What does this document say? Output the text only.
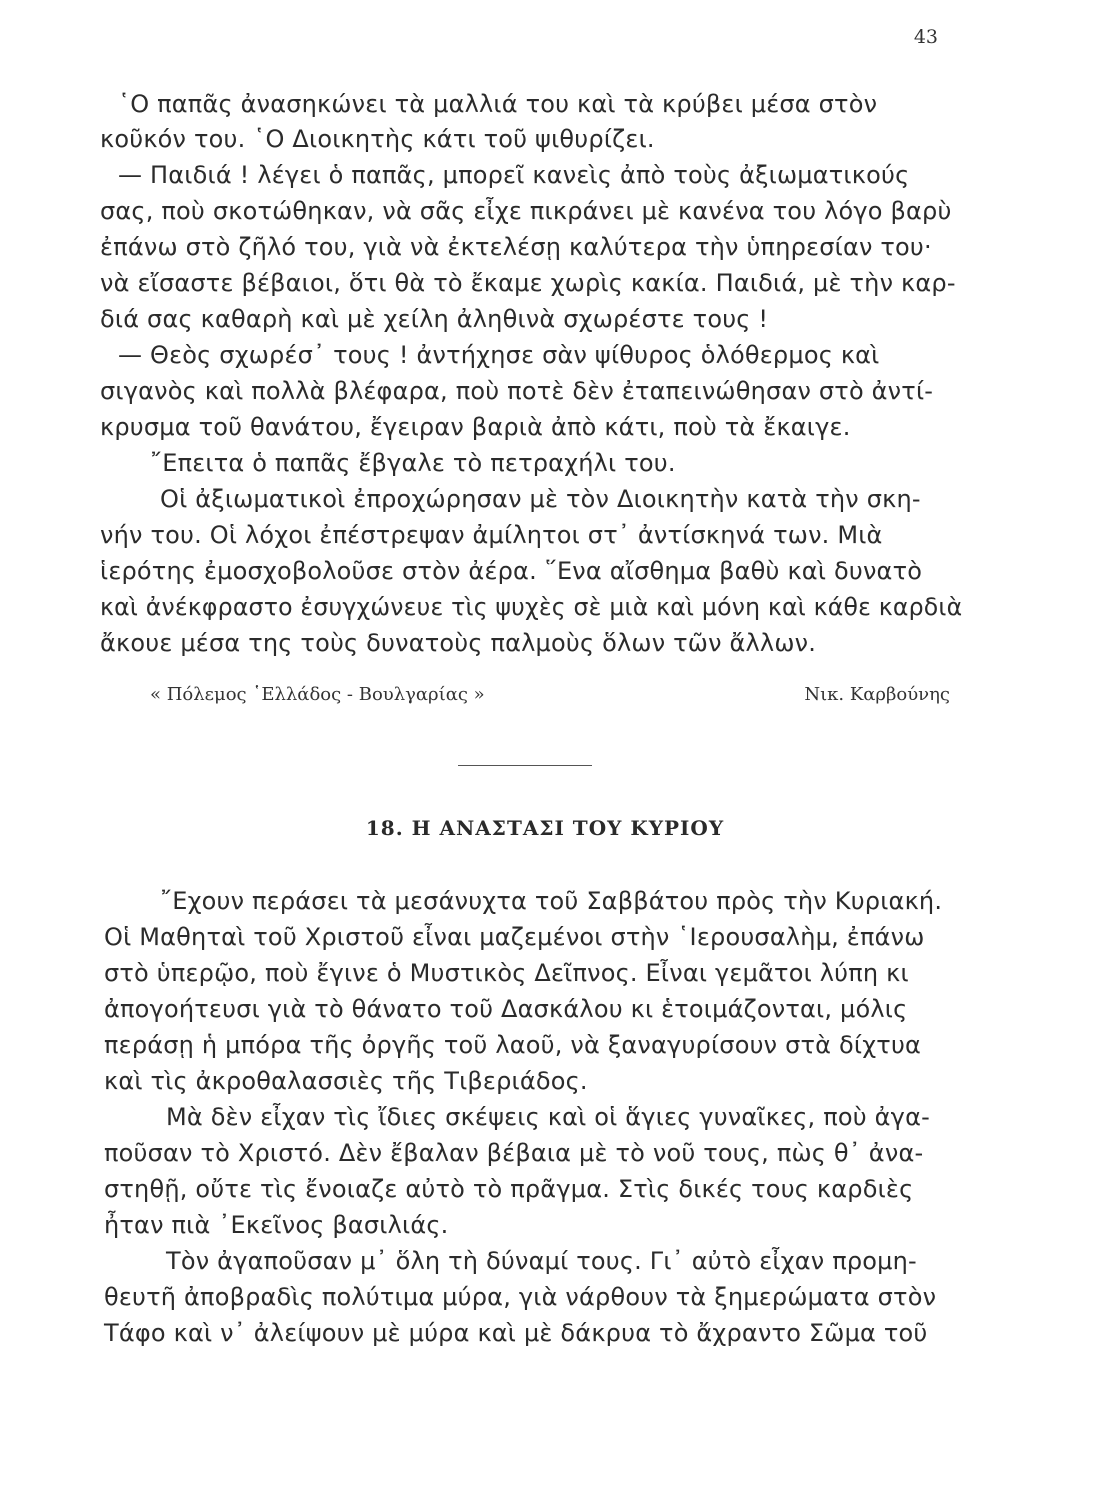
43
῾Ο παπᾶς ἀνασηκώνει τὰ μαλλιά του καὶ τὰ κρύβει μέσα στὸν
κοῦκόν του. ῾Ο Διοικητὴς κάτι τοῦ ψιθυρίζει.
— Παιδιά ! λέγει ὁ παπᾶς, μπορεῖ κανεὶς ἀπὸ τοὺς ἀξιωματικούς
σας, ποὺ σκοτώθηκαν, νὰ σᾶς εἶχε πικράνει μὲ κανένα του λόγο βαρὺ
ἐπάνω στὸ ζῆλό του, γιὰ νὰ ἐκτελέσῃ καλύτερα τὴν ὑπηρεσίαν του·
νὰ εἴσαστε βέβαιοι, ὅτι θὰ τὸ ἔκαμε χωρὶς κακία. Παιδιά, μὲ τὴν καρ-
διά σας καθαρὴ καὶ μὲ χείλη ἀληθινὰ σχωρέστε τους !
— Θεὸς σχωρέσ᾽ τους ! ἀντήχησε σὰν ψίθυρος ὁλόθερμος καὶ
σιγανὸς καὶ πολλὰ βλέφαρα, ποὺ ποτὲ δὲν ἐταπεινώθησαν στὸ ἀντί-
κρυσμα τοῦ θανάτου, ἔγειραν βαριὰ ἀπὸ κάτι, ποὺ τὰ ἔκαιγε.
῎Επειτα ὁ παπᾶς ἔβγαλε τὸ πετραχήλι του.
Οἱ ἀξιωματικοὶ ἐπροχώρησαν μὲ τὸν Διοικητὴν κατὰ τὴν σκη-
νήν του. Οἱ λόχοι ἐπέστρεψαν ἀμίλητοι στ᾽ ἀντίσκηνά των. Μιὰ
ἱερότης ἐμοσχοβολοῦσε στὸν ἀέρα. ῞Ενα αἴσθημα βαθὺ καὶ δυνατὸ
καὶ ἀνέκφραστο ἐσυγχώνευε τὶς ψυχὲς σὲ μιὰ καὶ μόνη καὶ κάθε καρδιὰ
ἄκουε μέσα της τοὺς δυνατοὺς παλμοὺς ὅλων τῶν ἄλλων.
« Πόλεμος ῾Ελλάδος - Βουλγαρίας »	Νικ. Καρβούνης
18. Η ΑΝΑΣΤΑΣΙ ΤΟΥ ΚΥΡΙΟΥ
῎Εχουν περάσει τὰ μεσάνυχτα τοῦ Σαββάτου πρὸς τὴν Κυριακή.
Οἱ Μαθηταὶ τοῦ Χριστοῦ εἶναι μαζεμένοι στὴν ῾Ιερουσαλὴμ, ἐπάνω
στὸ ὑπερῷο, ποὺ ἔγινε ὁ Μυστικὸς Δεῖπνος. Εἶναι γεμᾶτοι λύπη κι
ἀπογοήτευσι γιὰ τὸ θάνατο τοῦ Δασκάλου κι ἑτοιμάζονται, μόλις
περάσῃ ἡ μπόρα τῆς ὀργῆς τοῦ λαοῦ, νὰ ξαναγυρίσουν στὰ δίχτυα
καὶ τὶς ἀκροθαλασσιὲς τῆς Τιβεριάδος.
Μὰ δὲν εἶχαν τὶς ἴδιες σκέψεις καὶ οἱ ἅγιες γυναῖκες, ποὺ ἀγα-
ποῦσαν τὸ Χριστό. Δὲν ἔβαλαν βέβαια μὲ τὸ νοῦ τους, πὼς θ᾽ ἀνα-
στηθῇ, οὔτε τὶς ἔνοιαζε αὐτὸ τὸ πρᾶγμα. Στὶς δικές τους καρδιὲς
ἦταν πιὰ ᾽Εκεῖνος βασιλιάς.
Τὸν ἀγαποῦσαν μ᾽ ὅλη τὴ δύναμί τους. Γι᾽ αὐτὸ εἶχαν προμη-
θευτῆ ἀποβραδὶς πολύτιμα μύρα, γιὰ νάρθουν τὰ ξημερώματα στὸν
Τάφο καὶ ν᾽ ἀλείψουν μὲ μύρα καὶ μὲ δάκρυα τὸ ἄχραντο Σῶμα τοῦ
